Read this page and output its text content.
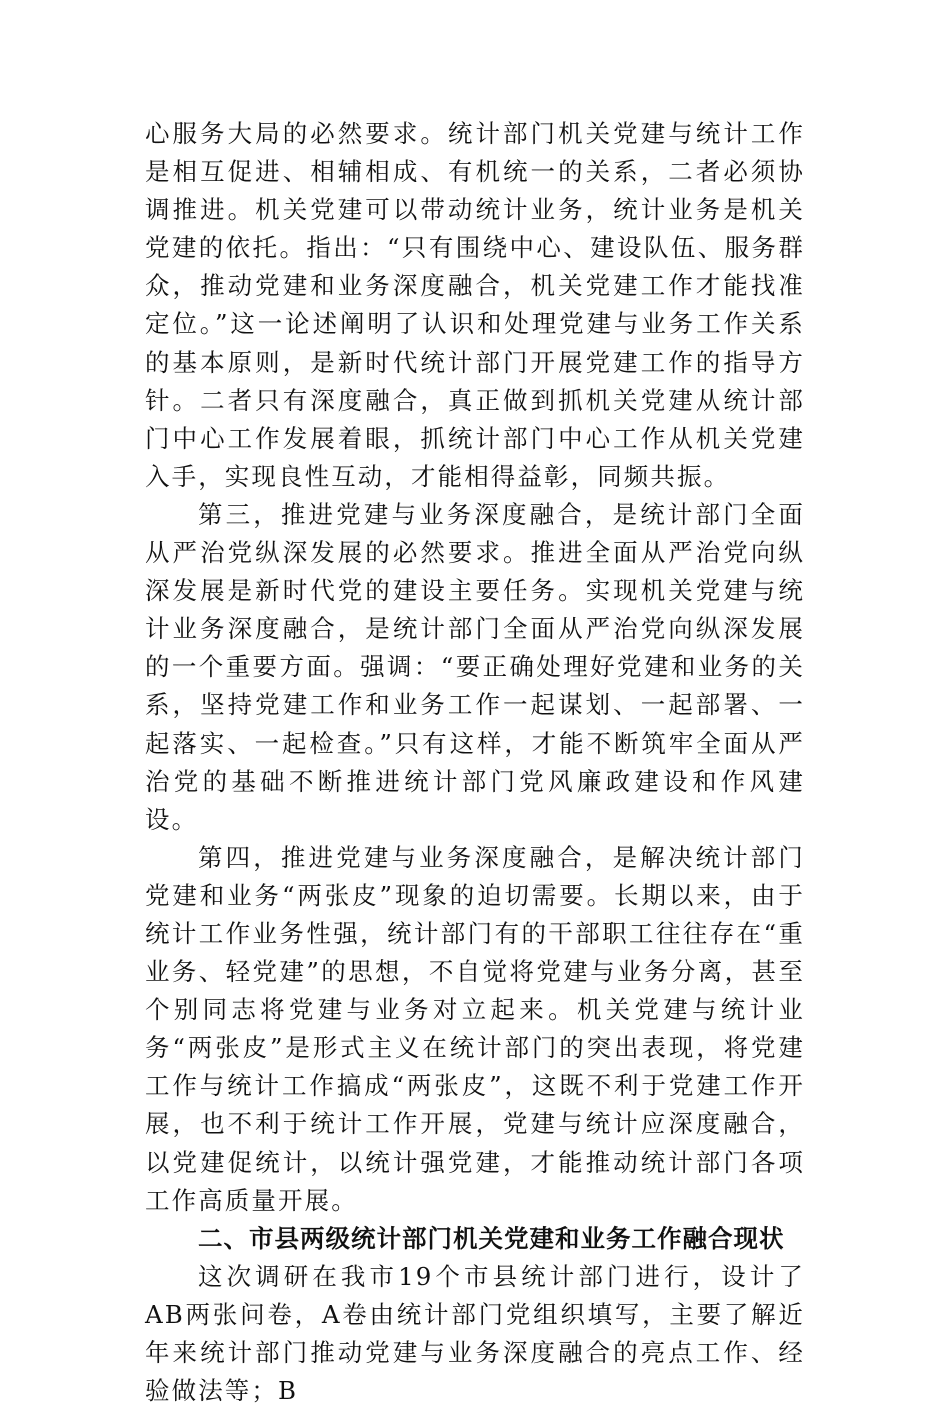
心服务大局的必然要求。统计部门机关党建与统计工作是相互促进、相辅相成、有机统一的关系，二者必须协调推进。机关党建可以带动统计业务，统计业务是机关党建的依托。指出：“只有围绕中心、建设队伍、服务群众，推动党建和业务深度融合，机关党建工作才能找准定位。”这一论述阐明了认识和处理党建与业务工作关系的基本原则，是新时代统计部门开展党建工作的指导方针。二者只有深度融合，真正做到抓机关党建从统计部门中心工作发展着眼，抓统计部门中心工作从机关党建入手，实现良性互动，才能相得益彰，同频共振。

第三，推进党建与业务深度融合，是统计部门全面从严治党纵深发展的必然要求。推进全面从严治党向纵深发展是新时代党的建设主要任务。实现机关党建与统计业务深度融合，是统计部门全面从严治党向纵深发展的一个重要方面。强调：“要正确处理好党建和业务的关系，坚持党建工作和业务工作一起谋划、一起部署、一起落实、一起检查。”只有这样，才能不断筑牢全面从严治党的基础不断推进统计部门党风廉政建设和作风建设。

第四，推进党建与业务深度融合，是解决统计部门党建和业务“两张皮”现象的迫切需要。长期以来，由于统计工作业务性强，统计部门有的干部职工往往存在“重业务、轻党建”的思想，不自觉将党建与业务分离，甚至个别同志将党建与业务对立起来。机关党建与统计业务“两张皮”是形式主义在统计部门的突出表现，将党建工作与统计工作搞成“两张皮”，这既不利于党建工作开展，也不利于统计工作开展，党建与统计应深度融合，以党建促统计，以统计强党建，才能推动统计部门各项工作高质量开展。

二、市县两级统计部门机关党建和业务工作融合现状

这次调研在我市19个市县统计部门进行，设计了AB两张问卷，A卷由统计部门党组织填写，主要了解近年来统计部门推动党建与业务深度融合的亮点工作、经验做法等；B
